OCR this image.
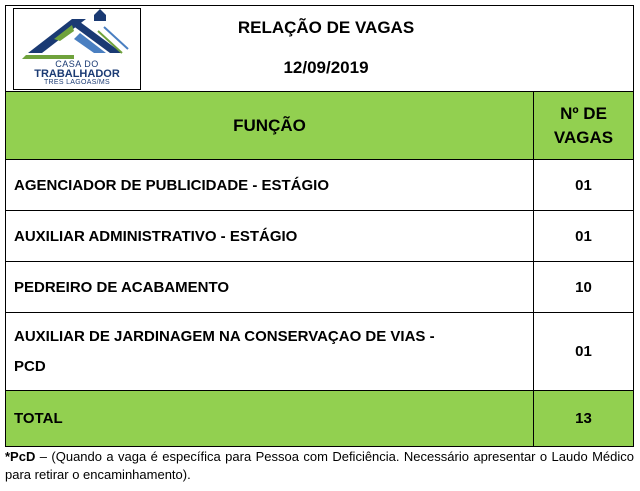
CASA DO
TRABALHADOR
TRES LAGOAS/MS
RELAÇÃO DE VAGAS
12/09/2019
FUNÇÃO	Nº DE
VAGAS
AGENCIADOR DE PUBLICIDADE - ESTÁGIO	01
AUXILIAR ADMINISTRATIVO - ESTÁGIO	01
PEDREIRO DE ACABAMENTO	10
AUXILIAR DE JARDINAGEM NA CONSERVAÇAO DE VIAS -
PCD	01
TOTAL	13
*PcD – (Quando a vaga é específica para Pessoa com Deficiência. Necessário apresentar o Laudo Médico para retirar o encaminhamento).
